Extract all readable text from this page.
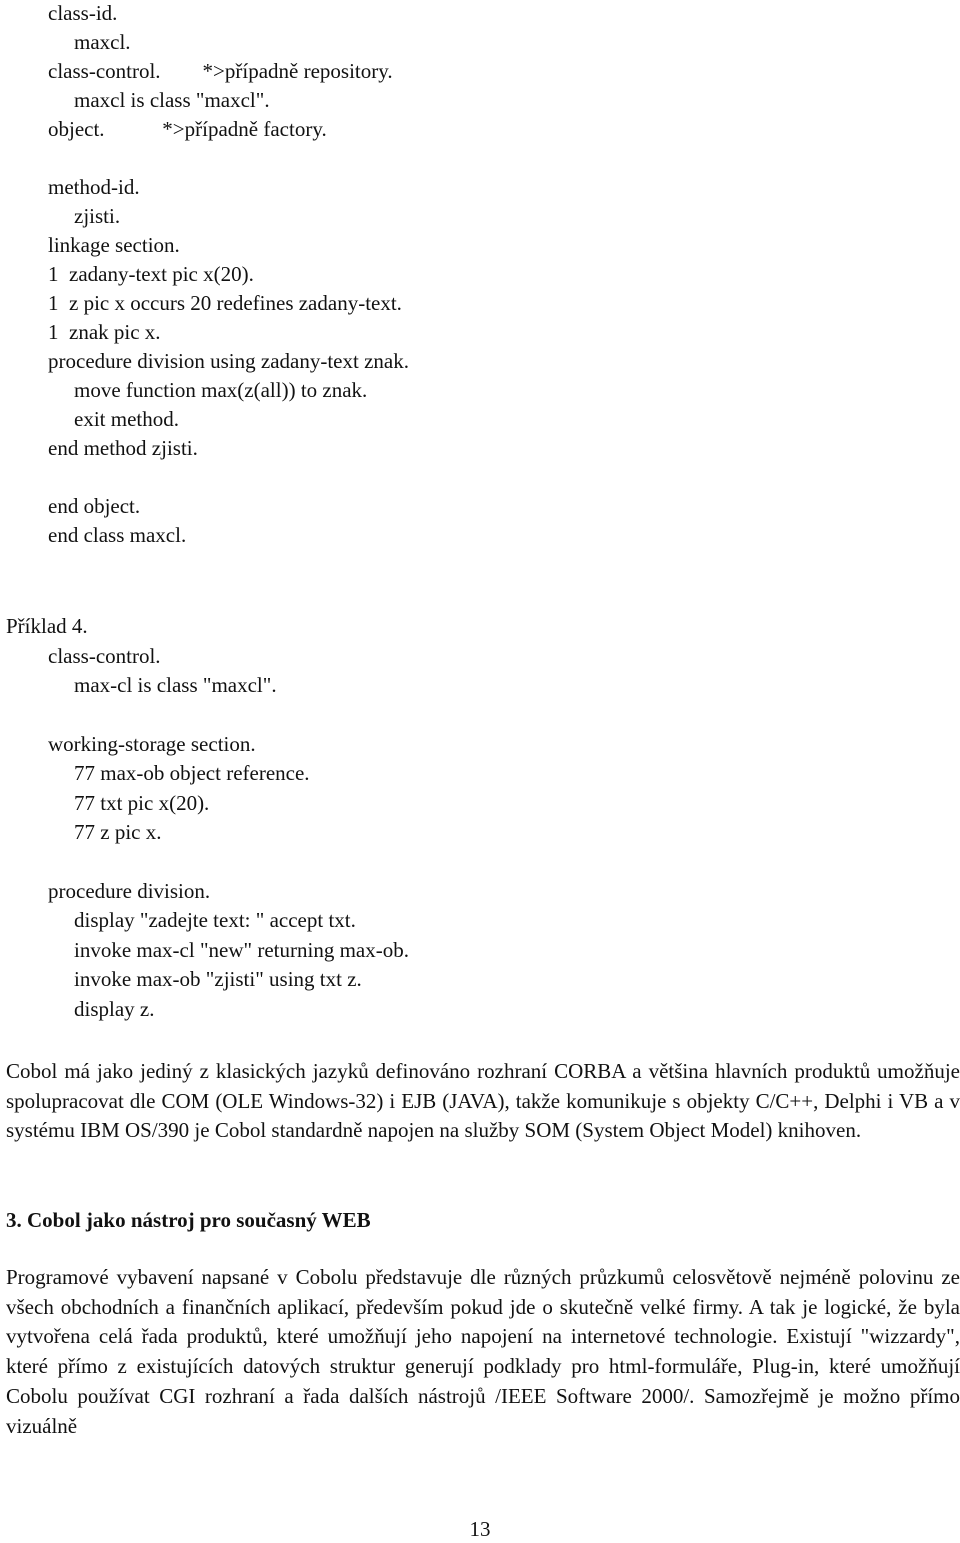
class-id.
maxcl.
class-control.        *>případně repository.
maxcl is class "maxcl".
object.           *>případně factory.
method-id.
zjisti.
linkage section.
1  zadany-text pic x(20).
1  z pic x occurs 20 redefines zadany-text.
1  znak pic x.
procedure division using zadany-text znak.
move function max(z(all)) to znak.
exit method.
end method zjisti.
end object.
end class maxcl.
Příklad 4.
class-control.
max-cl is class "maxcl".
working-storage section.
77 max-ob object reference.
77 txt pic x(20).
77 z pic x.
procedure division.
display "zadejte text: " accept txt.
invoke max-cl "new" returning max-ob.
invoke max-ob "zjisti" using txt z.
display z.

Cobol má jako jediný z klasických jazyků definováno rozhraní CORBA a většina hlavních produktů umožňuje spolupracovat dle COM (OLE Windows-32) i EJB (JAVA), takže komunikuje s objekty C/C++, Delphi i VB a v systému IBM OS/390 je Cobol standardně napojen na služby SOM (System Object Model) knihoven.

3. Cobol jako nástroj pro současný WEB

Programové vybavení napsané v Cobolu představuje dle různých průzkumů celosvětově nejméně polovinu ze všech obchodních a finančních aplikací, především pokud jde o skutečně velké firmy. A tak je logické, že byla vytvořena celá řada produktů, které umožňují jeho napojení na internetové technologie. Existují "wizzardy", které přímo z existujících datových struktur generují podklady pro html-formuláře, Plug-in, které umožňují Cobolu používat CGI rozhraní a řada dalších nástrojů /IEEE Software 2000/. Samozřejmě je možno přímo vizuálně

13
